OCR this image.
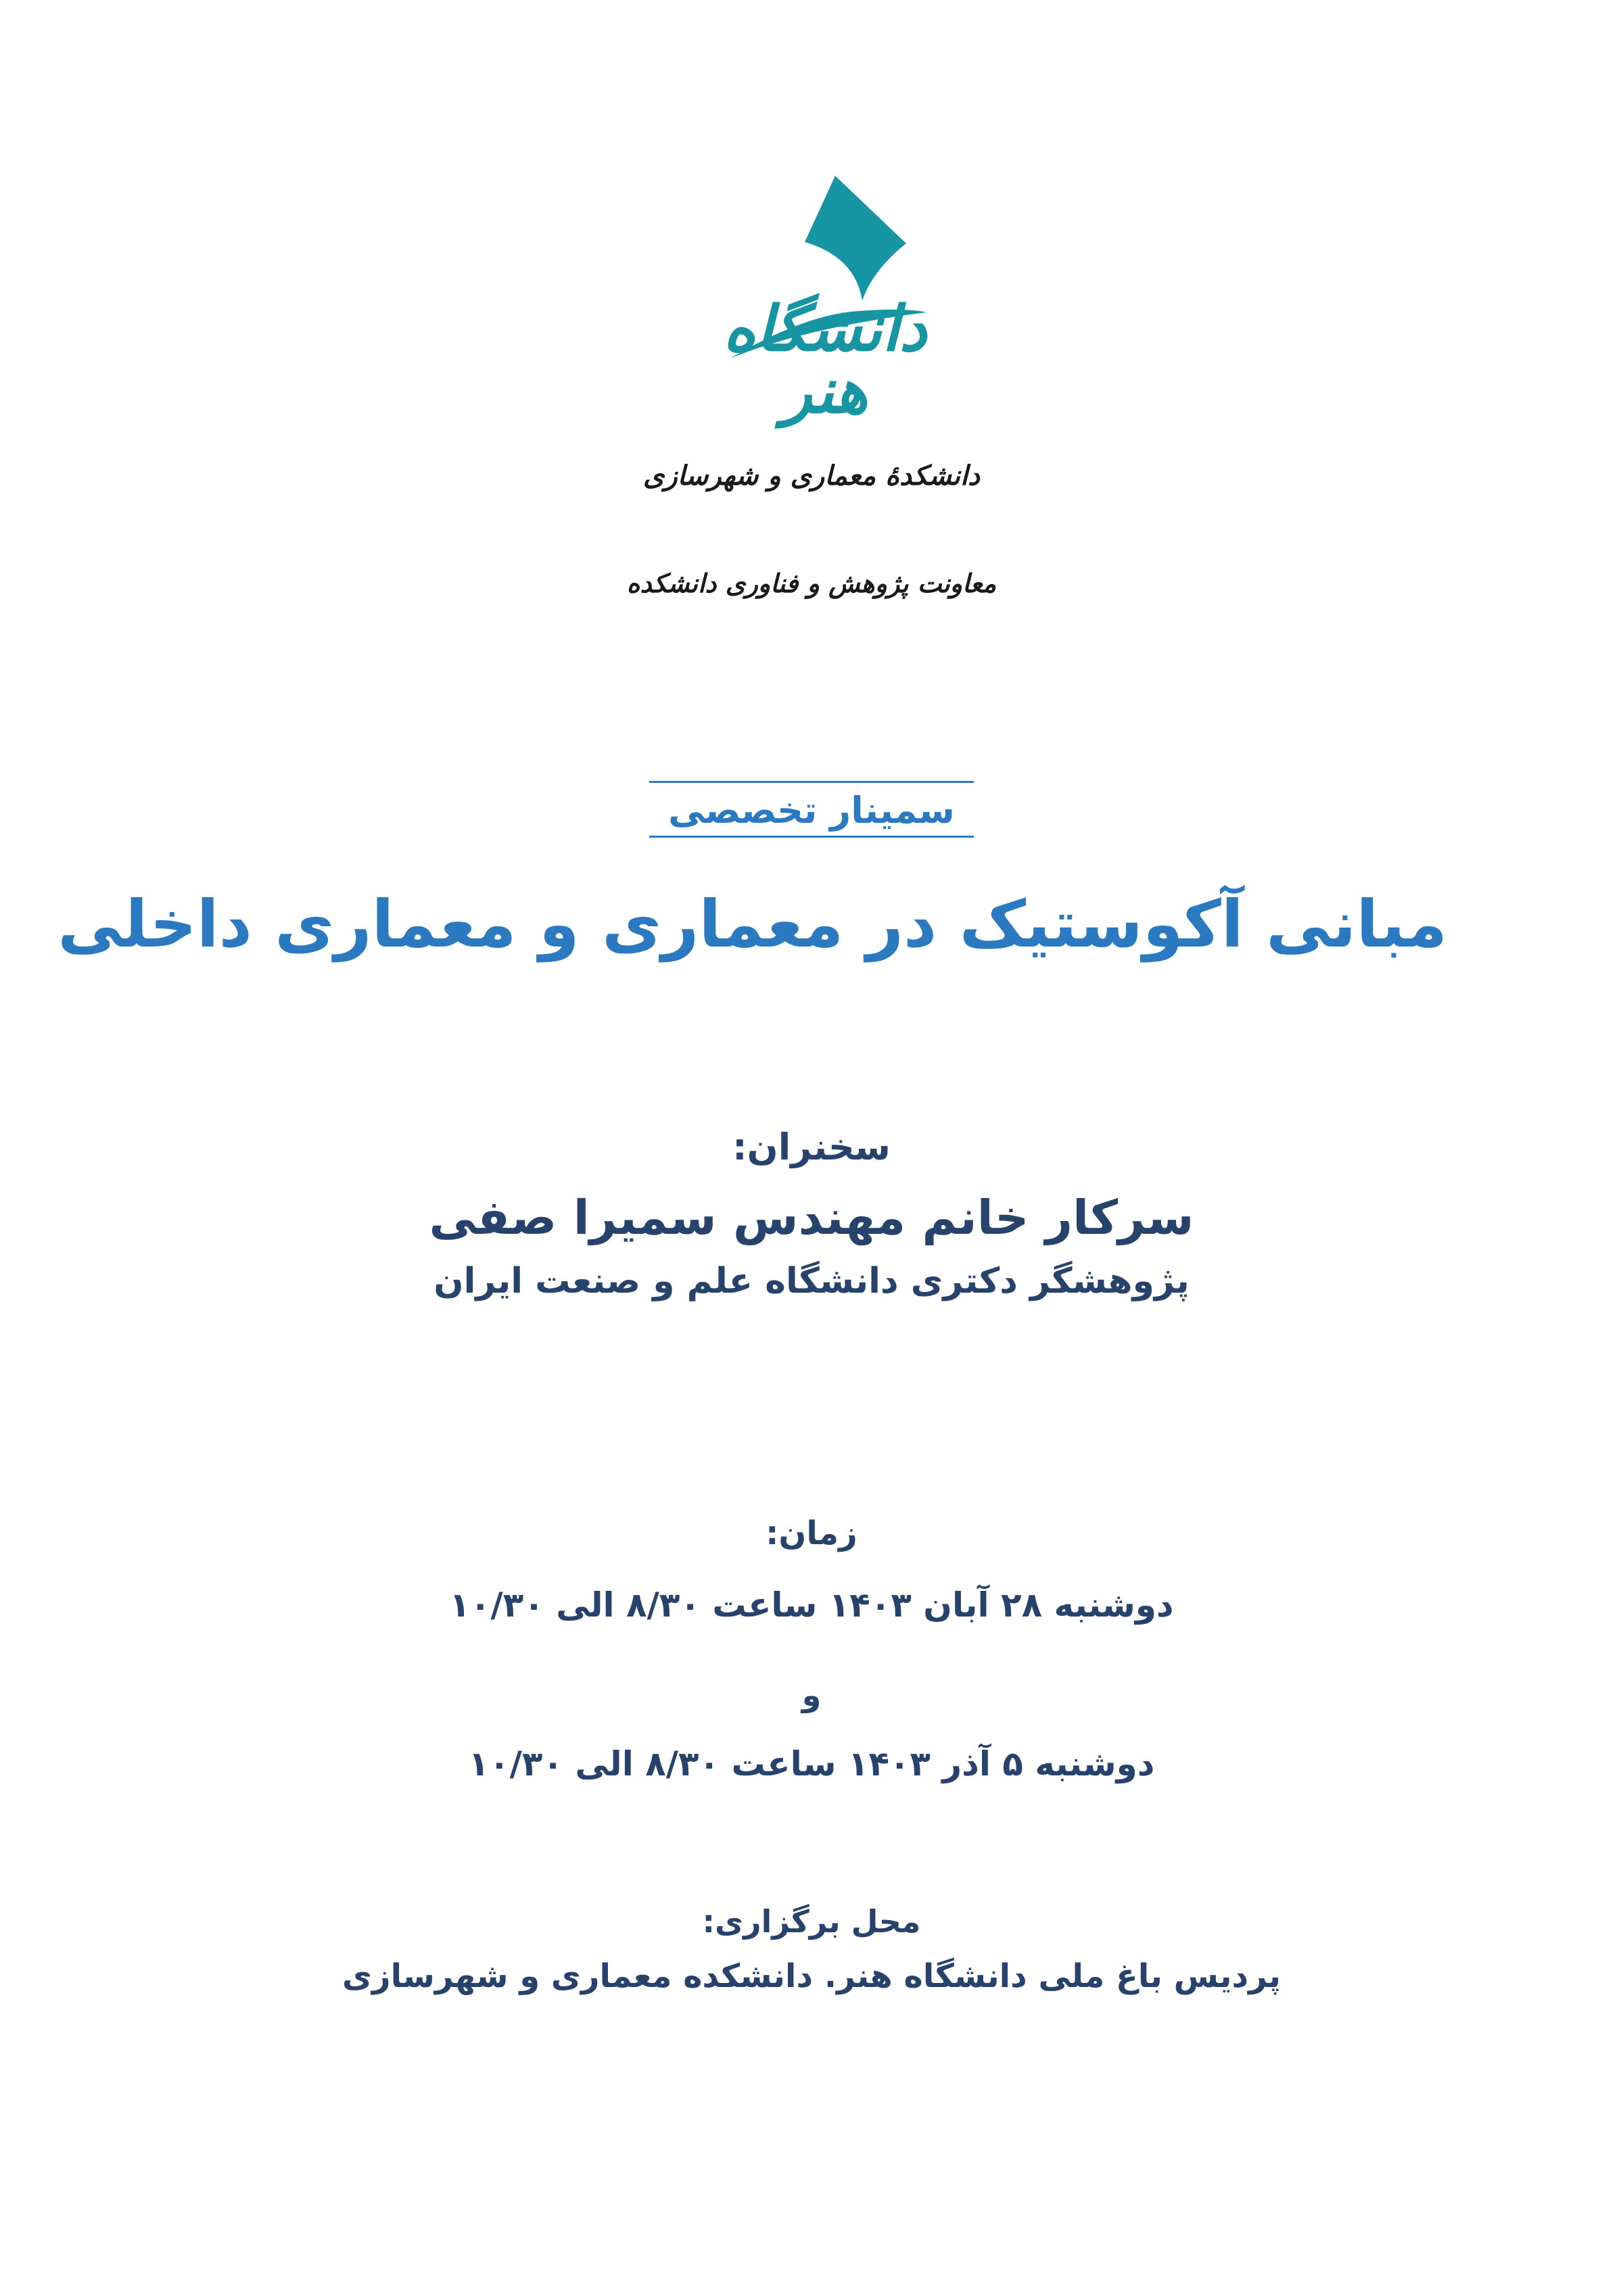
دانشگاه هنر
دانشکدۀ معماری و شهرسازی
معاونت پژوهش و فناوری دانشکده
سمینار تخصصی
مبانی آکوستیک در معماری و معماری داخلی
سخنران:
سرکار خانم مهندس سمیرا صفی
پژوهشگر دکتری دانشگاه علم و صنعت ایران
زمان:
دوشنبه ۲۸ آبان ۱۴۰۳ ساعت ۸/۳۰ الی ۱۰/۳۰
و
دوشنبه ۵ آذر ۱۴۰۳ ساعت ۸/۳۰ الی ۱۰/۳۰
محل برگزاری:
پردیس باغ ملی دانشگاه هنر. دانشکده معماری و شهرسازی
